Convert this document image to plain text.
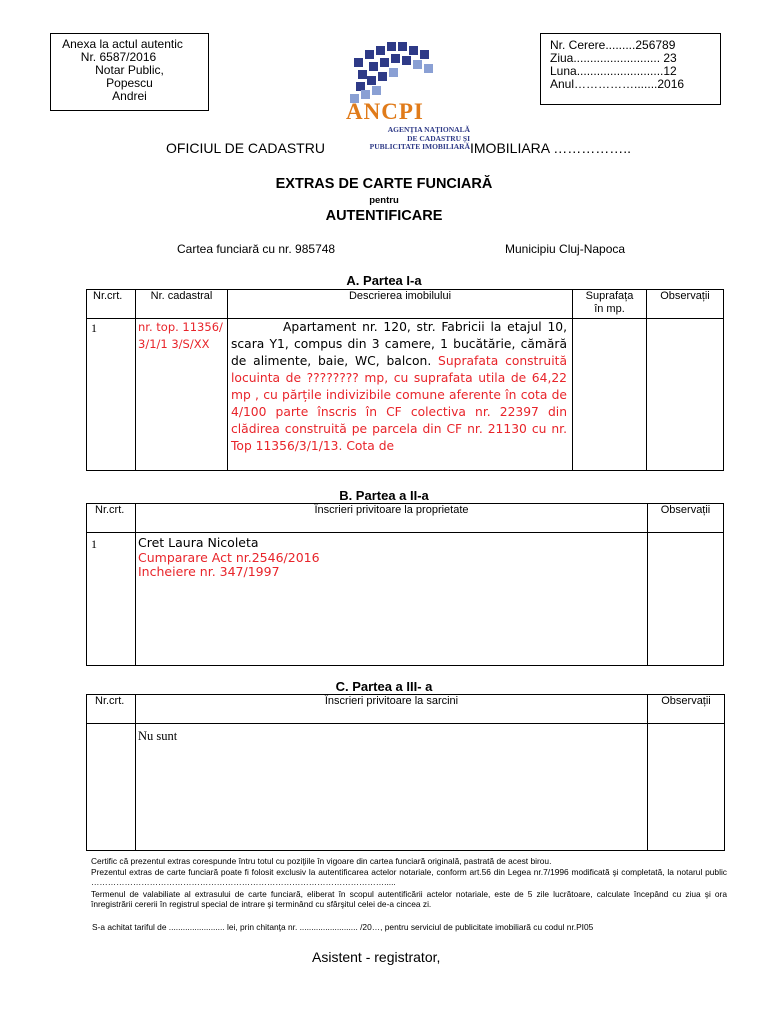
Anexa la actul autentic
Nr. 6587/2016
Notar Public,
Popescu
Andrei
ANCPI
AGENȚIA NAȚIONALĂ
DE CADASTRU ȘI
PUBLICITATE IMOBILIARĂ
Nr. Cerere.........256789
Ziua.......................... 23
Luna..........................12
Anul…………….......2016
OFICIUL DE CADASTRU	IMOBILIARA ……………..
EXTRAS DE CARTE FUNCIARĂ
pentru
AUTENTIFICARE
Cartea funciară cu nr. 985748	Municipiu Cluj-Napoca
A. Partea I-a
Nr.crt.	Nr. cadastral	Descrierea imobilului	Suprafața în mp.	Observații
1	nr. top. 11356/3/1/1 3/S/XX	Apartament nr. 120, str. Fabricii la etajul 10, scara Y1, compus din 3 camere, 1 bucătărie, cămără de alimente, baie, WC, balcon. Suprafata construită locuinta de ???????? mp, cu suprafata utila de 64,22 mp , cu părțile indivizibile comune aferente în cota de 4/100 parte înscris în CF colectiva nr. 22397 din clădirea construită pe parcela din CF nr. 21130 cu nr. Top 11356/3/1/13. Cota de		

B. Partea a II-a
Nr.crt.	Înscrieri privitoare la proprietate	Observații
1	Cret Laura Nicoleta
Cumparare Act nr.2546/2016
Incheiere nr. 347/1997	

C. Partea a III- a
Nr.crt.	Înscrieri privitoare la sarcini	Observații
	Nu sunt	

Certific că prezentul extras corespunde întru totul cu poziţiile în vigoare din cartea funciară originală, pastrată de acest birou.

Prezentul extras de carte funciară poate fi folosit exclusiv la autentificarea actelor notariale, conform art.56 din Legea nr.7/1996 modificată şi completată, la notarul public …………………………………………………………………………………………….....

Termenul de valabiliate al extrasului de carte funciară, eliberat în scopul autentificării actelor notariale, este de 5 zile lucrătoare, calculate începând cu ziua şi ora înregistrării cererii în registrul special de intrare şi terminând cu sfârşitul celei de-a cincea zi.

S-a achitat tariful de ........................ lei, prin chitanţa nr. ......................... /20…, pentru serviciul de publicitate imobiliară cu codul nr.PI05

Asistent - registrator,
